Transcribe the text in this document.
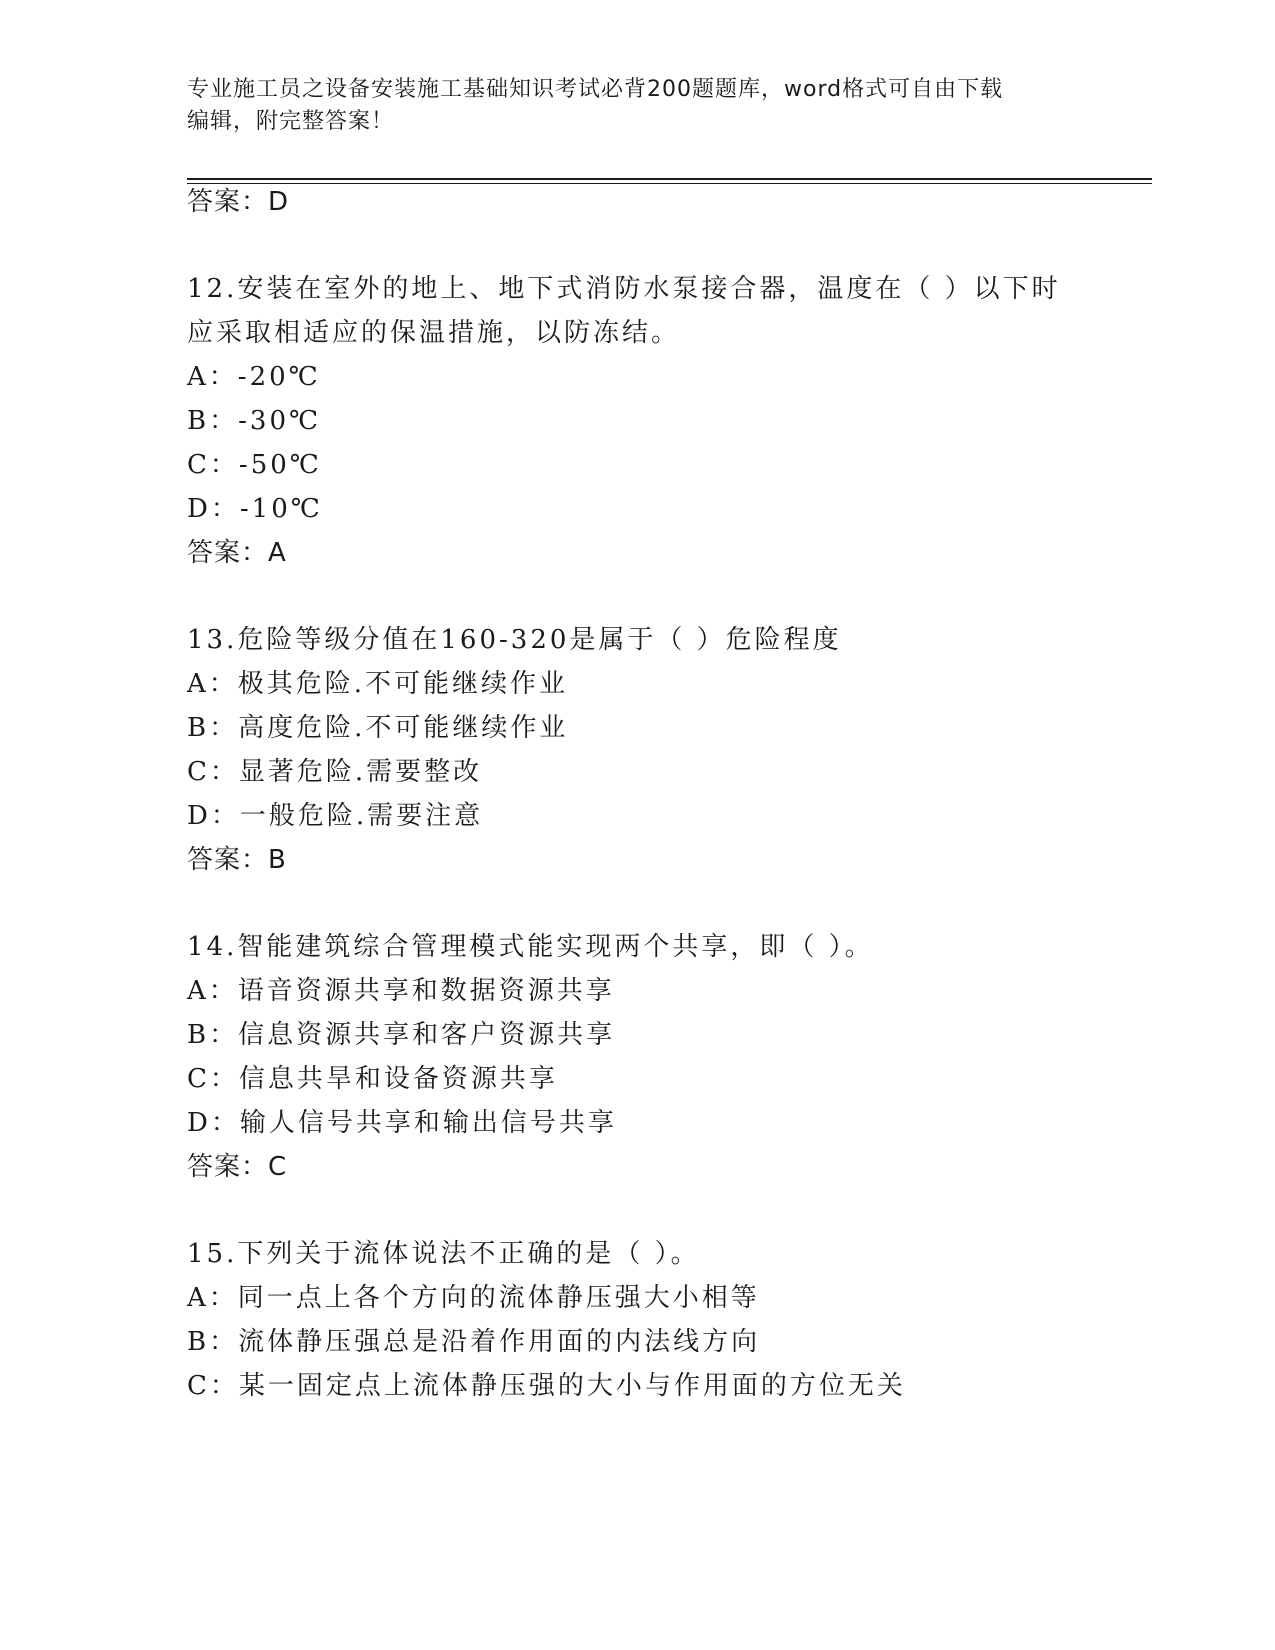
专业施工员之设备安装施工基础知识考试必背200题题库，word格式可自由下载
编辑，附完整答案！
答案：D
12.安装在室外的地上、地下式消防水泵接合器，温度在（ ）以下时
应采取相适应的保温措施，以防冻结。
A：-20℃
B：-30℃
C：-50℃
D：-10℃
答案：A
13.危险等级分值在160-320是属于（ ）危险程度
A：极其危险.不可能继续作业
B：高度危险.不可能继续作业
C：显著危险.需要整改
D：一般危险.需要注意
答案：B
14.智能建筑综合管理模式能实现两个共享，即（ ）。
A：语音资源共享和数据资源共享
B：信息资源共享和客户资源共享
C：信息共旱和设备资源共享
D：输人信号共享和输出信号共享
答案：C
15.下列关于流体说法不正确的是（ ）。
A：同一点上各个方向的流体静压强大小相等
B：流体静压强总是沿着作用面的内法线方向
C：某一固定点上流体静压强的大小与作用面的方位无关
